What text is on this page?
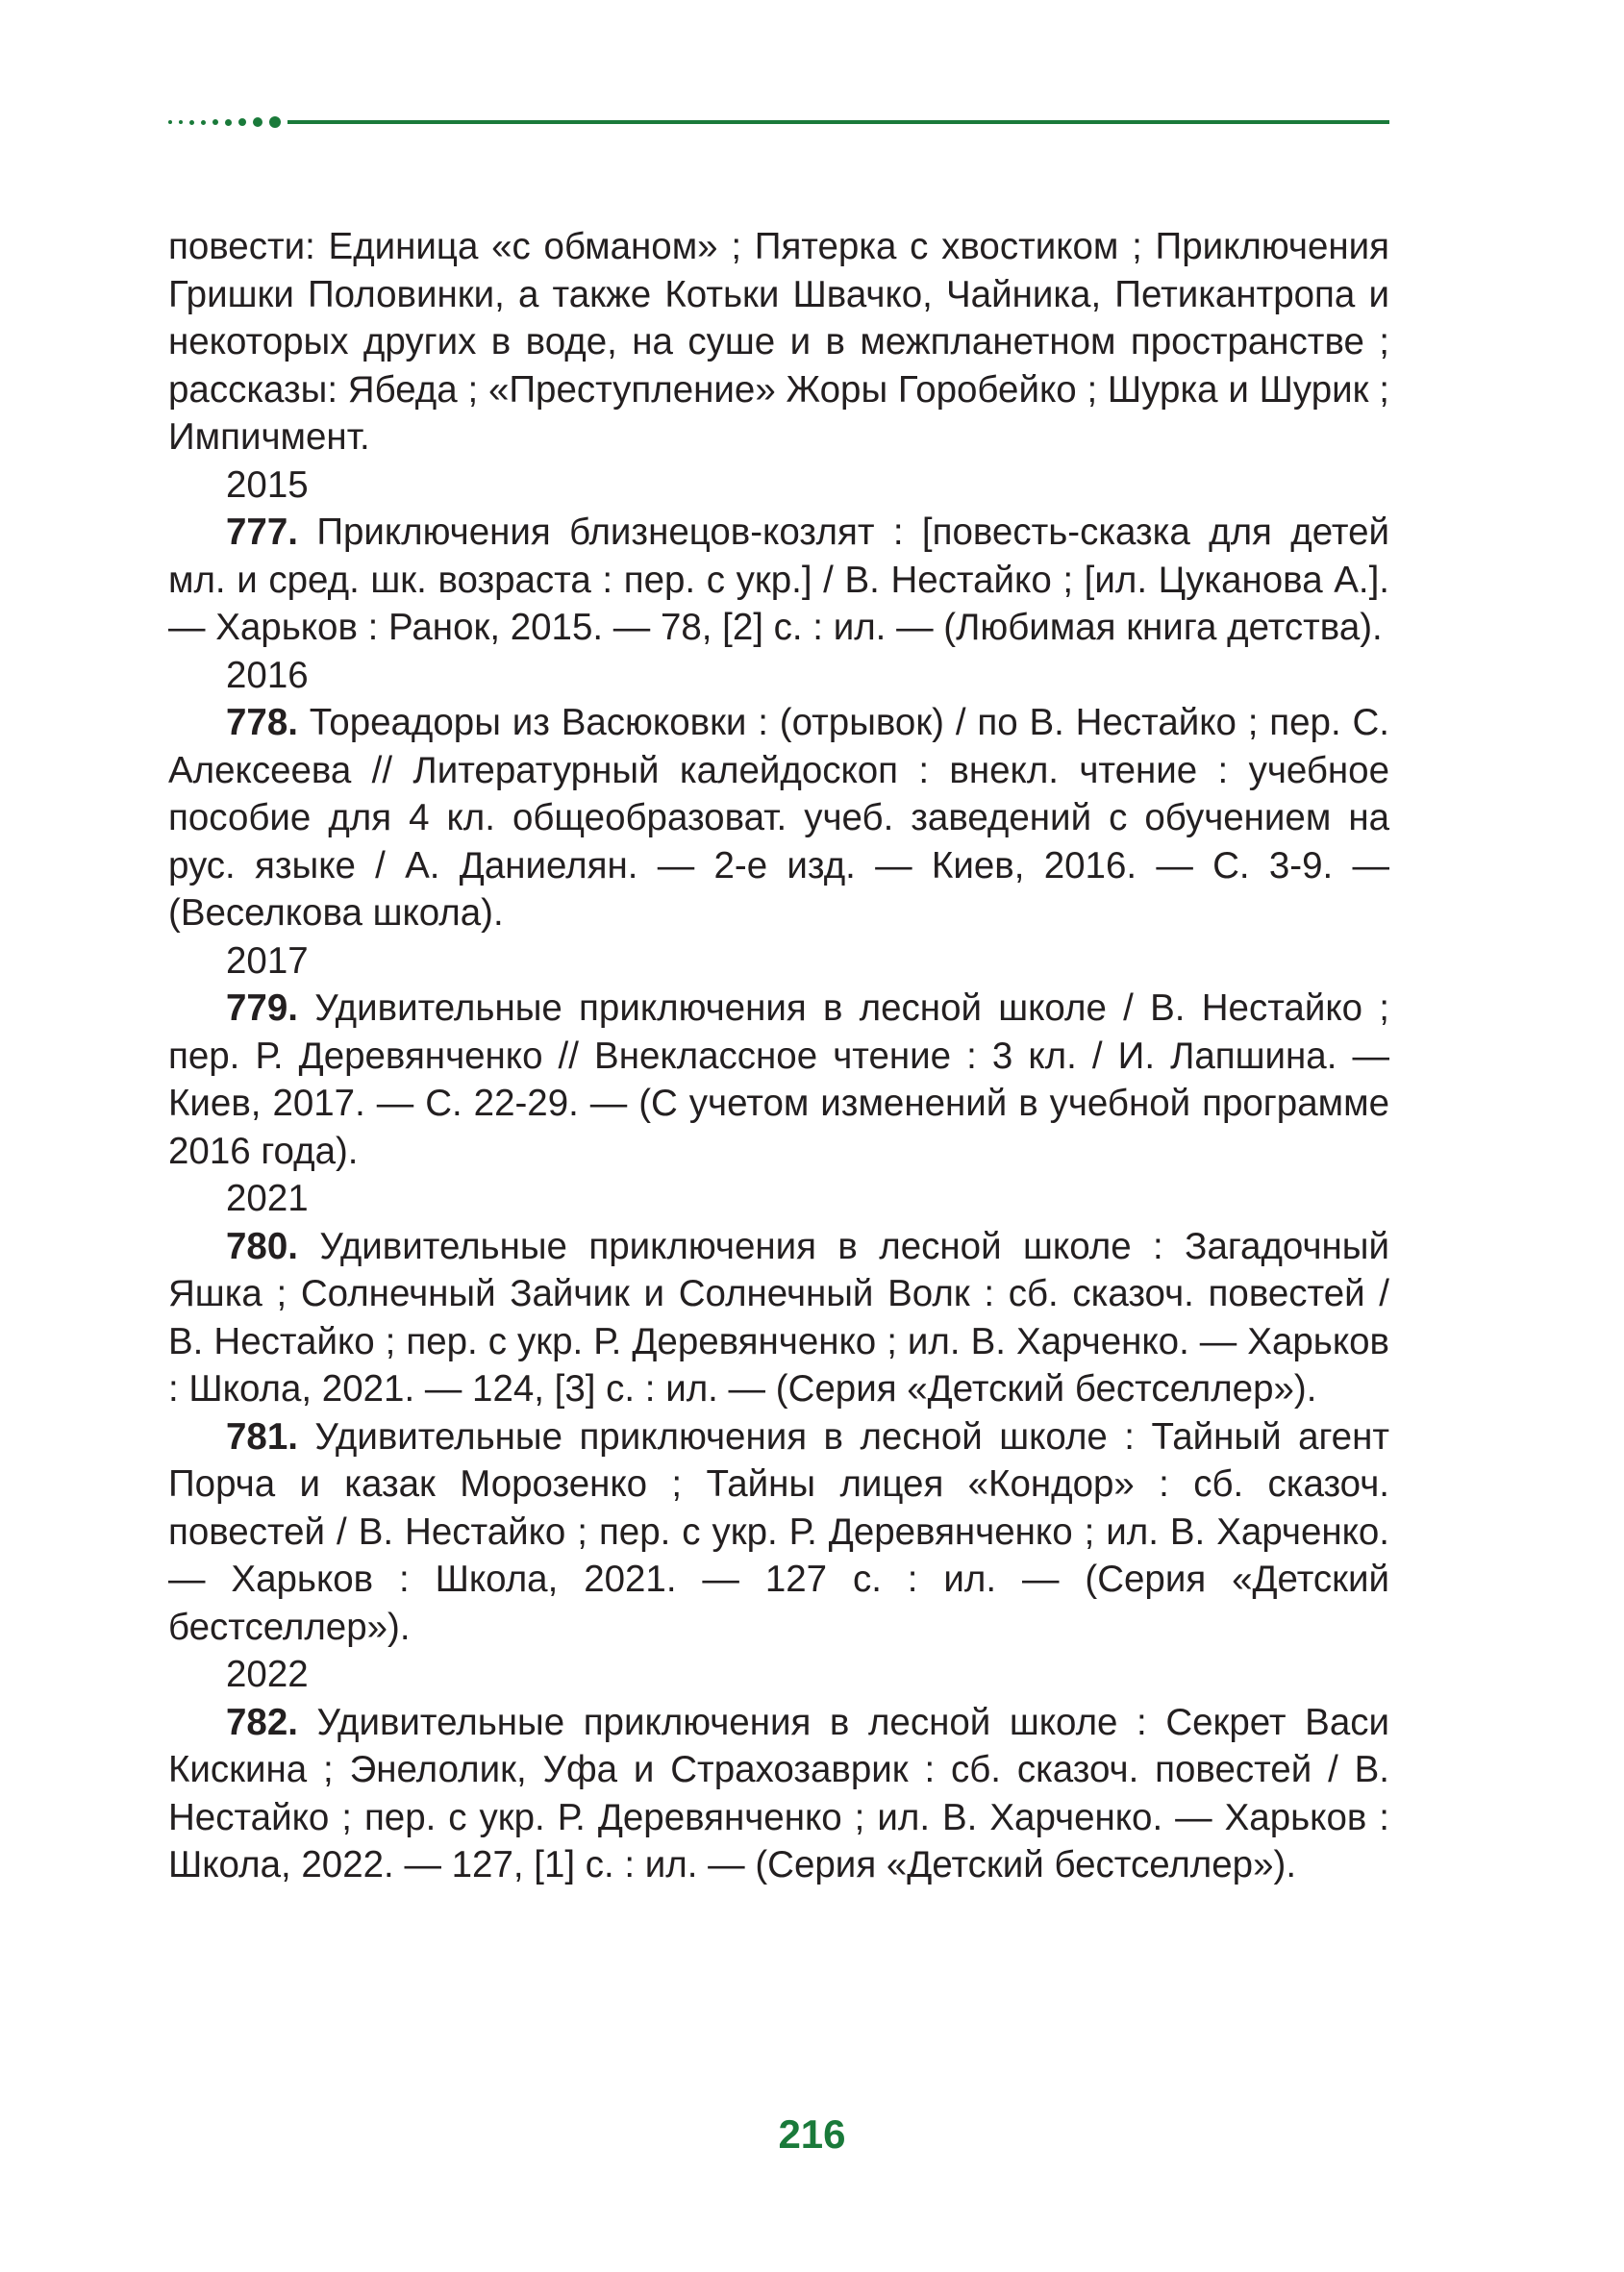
повести: Единица «с обманом» ; Пятерка с хвостиком ; Приключения Гришки Половинки, а также Котьки Швачко, Чайника, Петикантропа и некоторых других в воде, на суше и в межпланетном пространстве ; рассказы: Ябеда ; «Преступление» Жоры Горобейко ; Шурка и Шурик ; Импичмент.

2015

777. Приключения близнецов-козлят : [повесть-сказка для детей мл. и сред. шк. возраста : пер. с укр.] / В. Нестайко ; [ил. Цуканова А.]. — Харьков : Ранок, 2015. — 78, [2] с. : ил. — (Любимая книга детства).

2016

778. Тореадоры из Васюковки : (отрывок) / по В. Нестайко ; пер. С. Алексеева // Литературный калейдоскоп : внекл. чтение : учебное пособие для 4 кл. общеобразоват. учеб. заведений с обучением на рус. языке / А. Даниелян. — 2-е изд. — Киев, 2016. — С. 3-9. — (Веселкова школа).

2017

779. Удивительные приключения в лесной школе / В. Нестайко ; пер. Р. Деревянченко // Внеклассное чтение : 3 кл. / И. Лапшина. — Киев, 2017. — С. 22-29. — (С учетом изменений в учебной программе 2016 года).

2021

780. Удивительные приключения в лесной школе : Загадочный Яшка ; Солнечный Зайчик и Солнечный Волк : сб. сказоч. повестей / В. Нестайко ; пер. с укр. Р. Деревянченко ; ил. В. Харченко. — Харьков : Школа, 2021. — 124, [3] с. : ил. — (Серия «Детский бестселлер»).

781. Удивительные приключения в лесной школе : Тайный агент Порча и казак Морозенко ; Тайны лицея «Кондор» : сб. сказоч. повестей / В. Нестайко ; пер. с укр. Р. Деревянченко ; ил. В. Харченко. — Харьков : Школа, 2021. — 127 с. : ил. — (Серия «Детский бестселлер»).

2022

782. Удивительные приключения в лесной школе : Секрет Васи Кискина ; Энелолик, Уфа и Страхозаврик : сб. сказоч. повестей / В. Нестайко ; пер. с укр. Р. Деревянченко ; ил. В. Харченко. — Харьков : Школа, 2022. — 127, [1] с. : ил. — (Серия «Детский бестселлер»).

216
